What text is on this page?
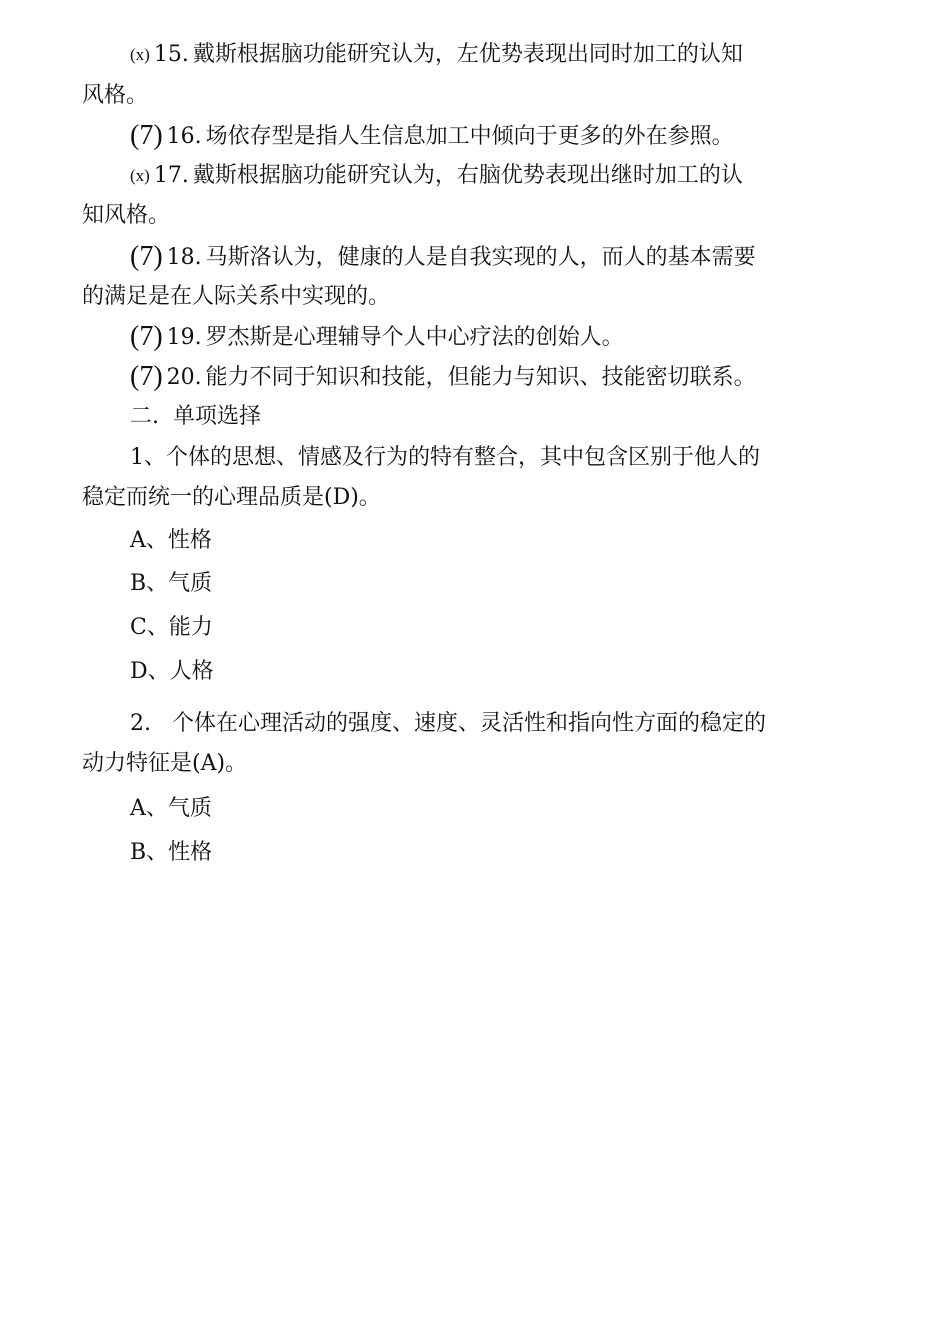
(x) 15. 戴斯根据脑功能研究认为，左优势表现出同时加工的认知
风格。
(7) 16. 场依存型是指人生信息加工中倾向于更多的外在参照。
(x) 17. 戴斯根据脑功能研究认为，右脑优势表现出继时加工的认
知风格。
(7) 18. 马斯洛认为，健康的人是自我实现的人，而人的基本需要
的满足是在人际关系中实现的。
(7) 19. 罗杰斯是心理辅导个人中心疗法的创始人。
(7) 20. 能力不同于知识和技能，但能力与知识、技能密切联系。
二.  单项选择
1、个体的思想、情感及行为的特有整合，其中包含区别于他人的
稳定而统一的心理品质是(D)。
A、性格
B、气质
C、能力
D、人格
2.   个体在心理活动的强度、速度、灵活性和指向性方面的稳定的
动力特征是(A)。
A、气质
B、性格
